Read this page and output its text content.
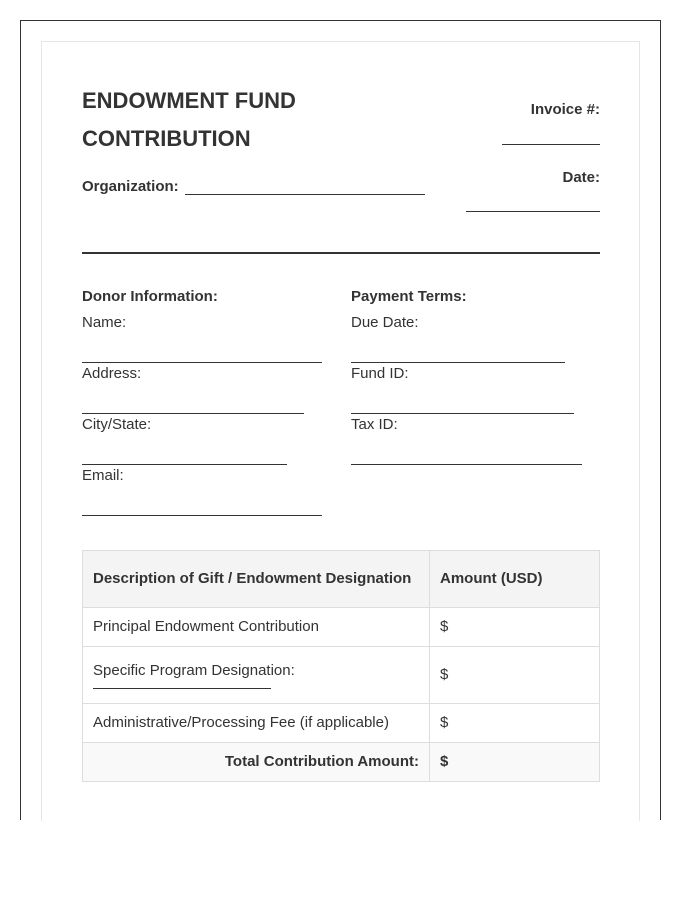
ENDOWMENT FUND CONTRIBUTION
Organization:
Invoice #:
Date:
Donor Information:
Name:
Address:
City/State:
Email:
Payment Terms:
Due Date:
Fund ID:
Tax ID:
Description of Gift / Endowment Designation	Amount (USD)
Principal Endowment Contribution	$
Specific Program Designation:	$
Administrative/Processing Fee (if applicable)	$
Total Contribution Amount:	$
